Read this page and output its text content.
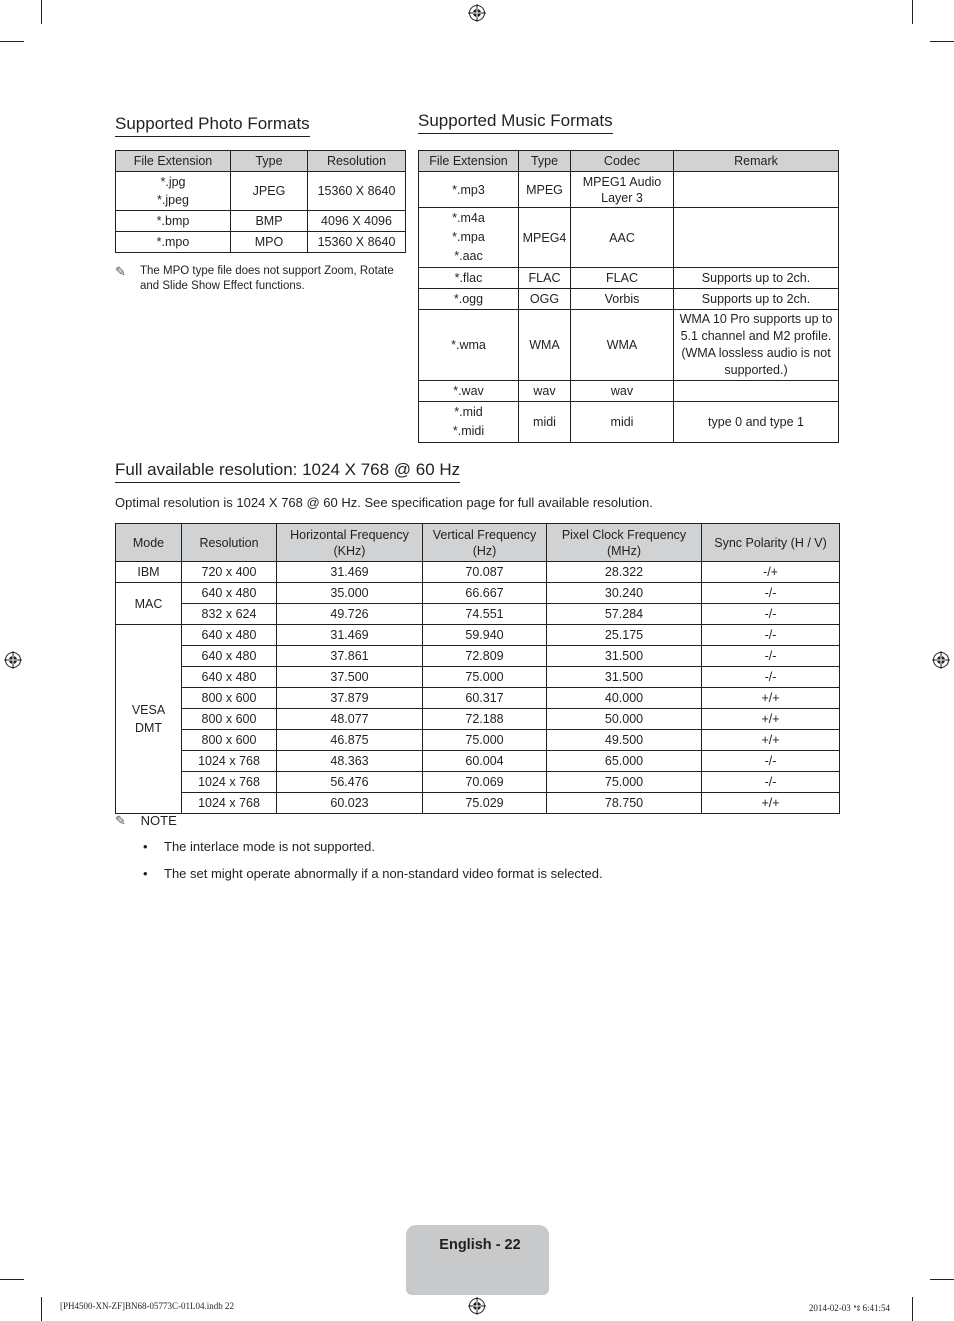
Supported Photo Formats
File Extension	Type	Resolution
*.jpg
*.jpeg	JPEG	15360 X 8640
*.bmp	BMP	4096 X 4096
*.mpo	MPO	15360 X 8640
✎	The MPO type file does not support Zoom, Rotate and Slide Show Effect functions.
Supported Music Formats
File Extension	Type	Codec	Remark
*.mp3	MPEG	MPEG1 Audio Layer 3	
*.m4a
*.mpa
*.aac	MPEG4	AAC	
*.flac	FLAC	FLAC	Supports up to 2ch.
*.ogg	OGG	Vorbis	Supports up to 2ch.
*.wma	WMA	WMA	WMA 10 Pro supports up to 5.1 channel and M2 profile. (WMA lossless audio is not supported.)
*.wav	wav	wav	
*.mid
*.midi	midi	midi	type 0 and type 1
Full available resolution: 1024 X 768 @ 60 Hz
Optimal resolution is 1024 X 768 @ 60 Hz. See specification page for full available resolution.
Mode	Resolution	Horizontal Frequency (KHz)	Vertical Frequency (Hz)	Pixel Clock Frequency (MHz)	Sync Polarity (H / V)
IBM	720 x 400	31.469	70.087	28.322	-/+
MAC	640 x 480	35.000	66.667	30.240	-/-
	832 x 624	49.726	74.551	57.284	-/-
VESA
DMT	640 x 480	31.469	59.940	25.175	-/-
	640 x 480	37.861	72.809	31.500	-/-
	640 x 480	37.500	75.000	31.500	-/-
	800 x 600	37.879	60.317	40.000	+/+
	800 x 600	48.077	72.188	50.000	+/+
	800 x 600	46.875	75.000	49.500	+/+
	1024 x 768	48.363	60.004	65.000	-/-
	1024 x 768	56.476	70.069	75.000	-/-
	1024 x 768	60.023	75.029	78.750	+/+
✎ NOTE
• The interlace mode is not supported.
• The set might operate abnormally if a non-standard video format is selected.
English - 22
[PH4500-XN-ZF]BN68-05773C-01L04.indb 22	2014-02-03 ꢀꢁ 6:41:54
